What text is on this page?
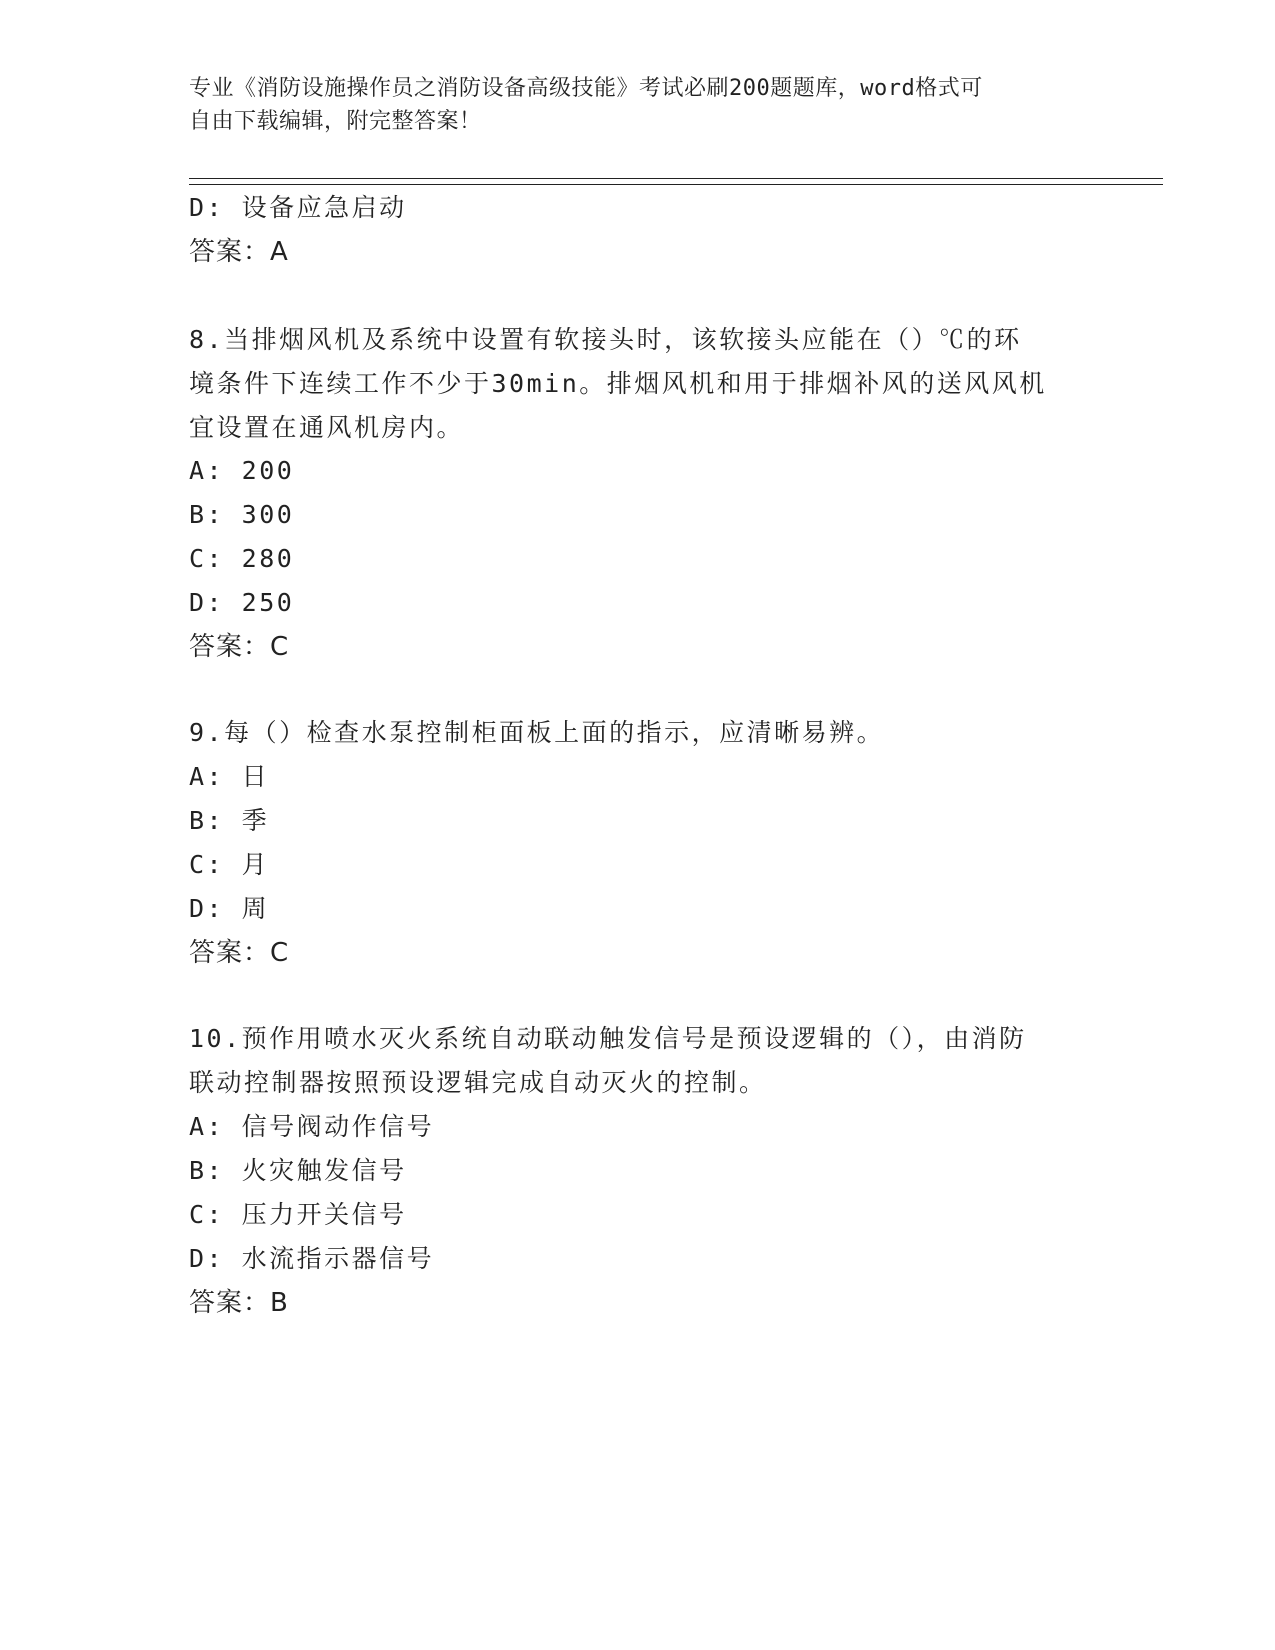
专业《消防设施操作员之消防设备高级技能》考试必刷200题题库，word格式可
自由下载编辑，附完整答案！
D: 设备应急启动
答案：A
8.当排烟风机及系统中设置有软接头时，该软接头应能在（）℃的环
境条件下连续工作不少于30min。排烟风机和用于排烟补风的送风风机
宜设置在通风机房内。
A: 200
B: 300
C: 280
D: 250
答案：C
9.每（）检查水泵控制柜面板上面的指示，应清晰易辨。
A: 日
B: 季
C: 月
D: 周
答案：C
10.预作用喷水灭火系统自动联动触发信号是预设逻辑的（），由消防
联动控制器按照预设逻辑完成自动灭火的控制。
A: 信号阀动作信号
B: 火灾触发信号
C: 压力开关信号
D: 水流指示器信号
答案：B
